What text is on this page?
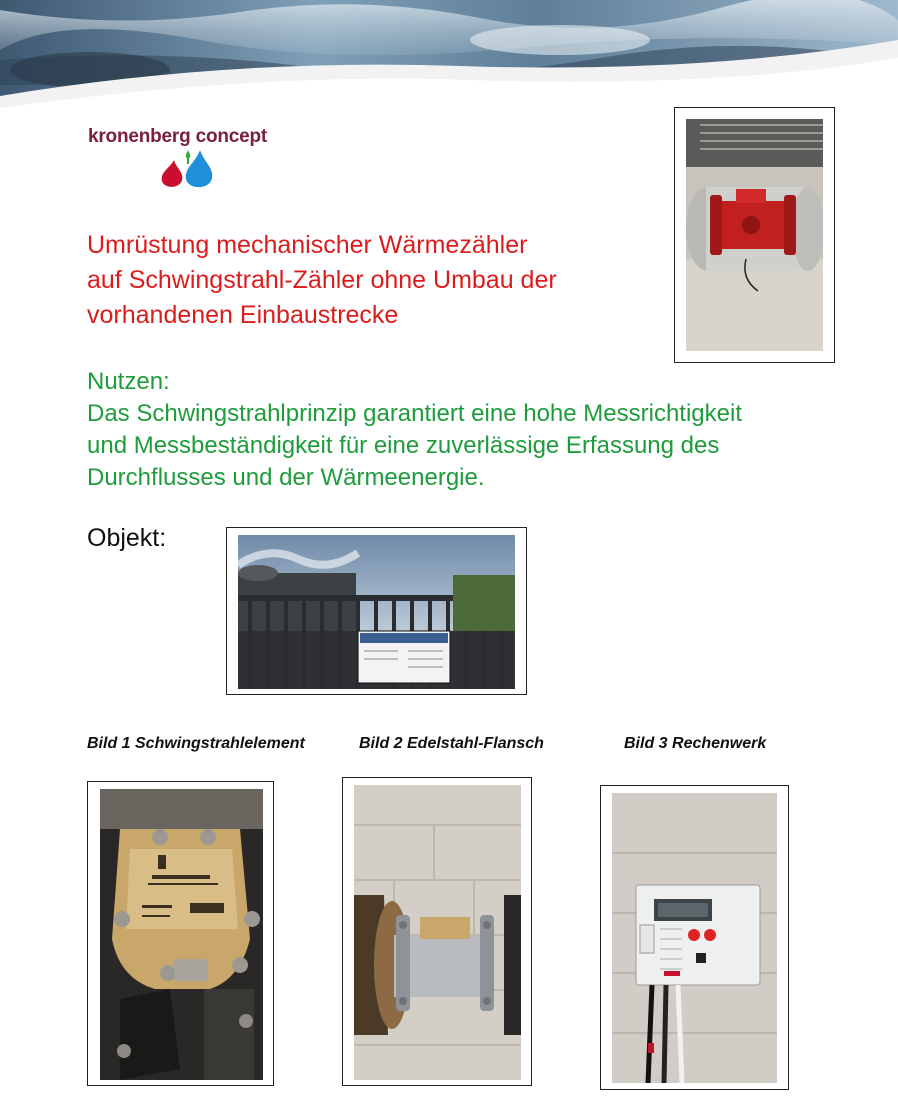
kronenberg concept
Umrüstung mechanischer Wärmezähler
auf Schwingstrahl-Zähler ohne Umbau der
vorhandenen Einbaustrecke
Nutzen:
Das Schwingstrahlprinzip garantiert eine hohe Messrichtigkeit
und Messbeständigkeit für eine zuverlässige Erfassung des
Durchflusses und der Wärmeenergie.
Objekt:
Bild 1 Schwingstrahlelement	Bild 2 Edelstahl-Flansch	Bild 3 Rechenwerk
